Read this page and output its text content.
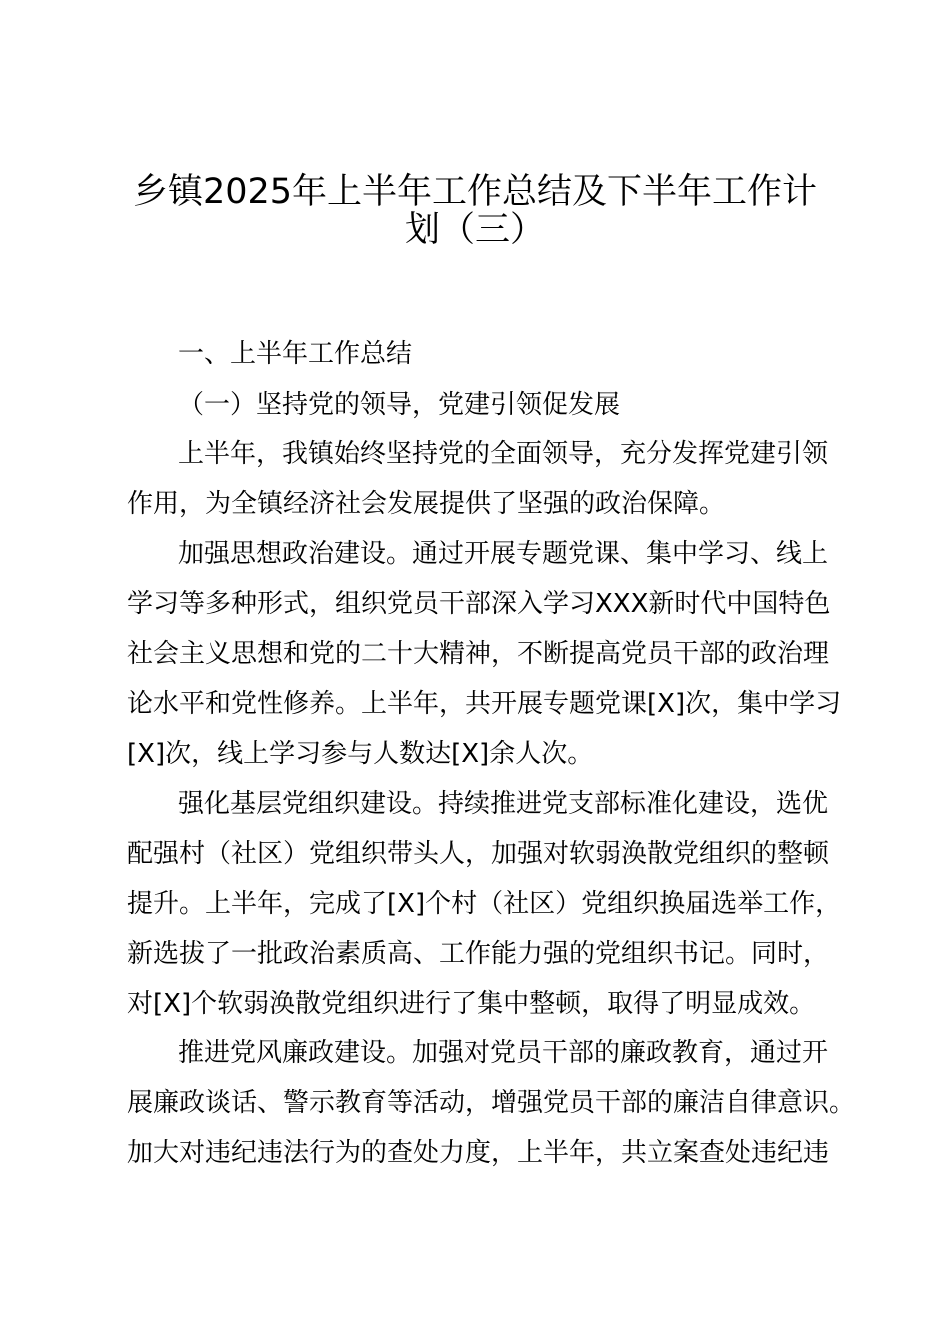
乡镇2025年上半年工作总结及下半年工作计
划（三）
一、上半年工作总结
（一）坚持党的领导，党建引领促发展
上半年，我镇始终坚持党的全面领导，充分发挥党建引领
作用，为全镇经济社会发展提供了坚强的政治保障。
加强思想政治建设。通过开展专题党课、集中学习、线上
学习等多种形式，组织党员干部深入学习XXX新时代中国特色
社会主义思想和党的二十大精神，不断提高党员干部的政治理
论水平和党性修养。上半年，共开展专题党课[X]次，集中学习
[X]次，线上学习参与人数达[X]余人次。
强化基层党组织建设。持续推进党支部标准化建设，选优
配强村（社区）党组织带头人，加强对软弱涣散党组织的整顿
提升。上半年，完成了[X]个村（社区）党组织换届选举工作，
新选拔了一批政治素质高、工作能力强的党组织书记。同时，
对[X]个软弱涣散党组织进行了集中整顿，取得了明显成效。
推进党风廉政建设。加强对党员干部的廉政教育，通过开
展廉政谈话、警示教育等活动，增强党员干部的廉洁自律意识。
加大对违纪违法行为的查处力度，上半年，共立案查处违纪违
